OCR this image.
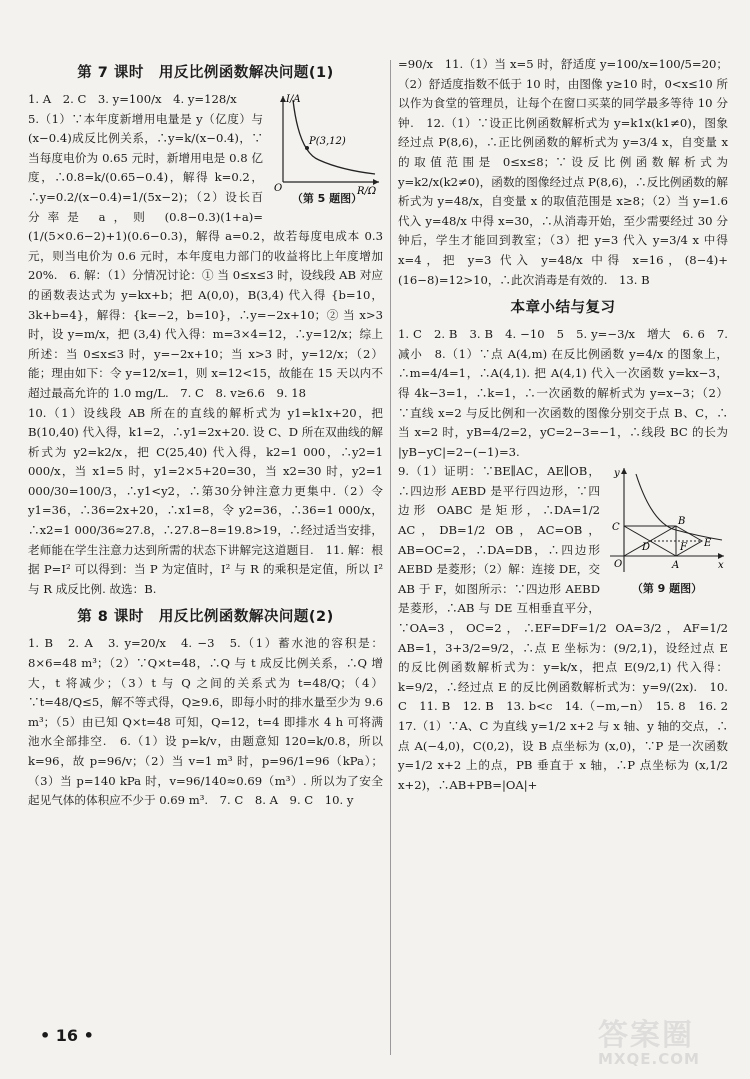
第 7 课时　用反比例函数解决问题(1)
P(3,12)
I/A
R/Ω
O
（第 5 题图）

1. A　2. C　3. y=100/x　4. y=128/x

5.（1）∵本年度新增用电量是 y（亿度）与(x−0.4)成反比例关系，∴y=k/(x−0.4)，∵当每度电价为 0.65 元时，新增用电是 0.8 亿度，∴0.8=k/(0.65−0.4)，解得 k=0.2，∴y=0.2/(x−0.4)=1/(5x−2)；（2）设长百分率是 a，则 (0.8−0.3)(1+a)=(1/(5×0.6−2)+1)(0.6−0.3)，解得 a=0.2，故若每度电成本 0.3 元，则当电价为 0.6 元时，本年度电力部门的收益将比上年度增加 20%.　6. 解：（1）分情况讨论：① 当 0≤x≤3 时，设线段 AB 对应的函数表达式为 y=kx+b；把 A(0,0)，B(3,4) 代入得 {b=10，3k+b=4}，解得：{k=−2，b=10}，∴y=−2x+10；② 当 x>3 时，设 y=m/x，把 (3,4) 代入得：m=3×4=12，∴y=12/x；综上所述：当 0≤x≤3 时，y=−2x+10；当 x>3 时，y=12/x；（2）能；理由如下：令 y=12/x=1，则 x=12<15，故能在 15 天以内不超过最高允许的 1.0 mg/L.　7. C　8. v≥6.6　9. 18

10.（1）设线段 AB 所在的直线的解析式为 y1=k1x+20，把 B(10,40) 代入得，k1=2，∴y1=2x+20. 设 C、D 所在双曲线的解析式为 y2=k2/x，把 C(25,40) 代入得，k2=1 000，∴y2=1 000/x，当 x1=5 时，y1=2×5+20=30，当 x2=30 时，y2=1 000/30=100/3，∴y1<y2，∴第30分钟注意力更集中.（2）令 y1=36，∴36=2x+20，∴x1=8，令 y2=36，∴36=1 000/x，∴x2=1 000/36≈27.8，∴27.8−8=19.8>19，∴经过适当安排，老师能在学生注意力达到所需的状态下讲解完这道题目.　11. 解：根据 P=I² 可以得到：当 P 为定值时，I² 与 R 的乘积是定值，所以 I² 与 R 成反比例. 故选：B.

第 8 课时　用反比例函数解决问题(2)

1. B　2. A　3. y=20/x　4. −3　5.（1）蓄水池的容积是：8×6=48 m³；（2）∵Q×t=48，∴Q 与 t 成反比例关系，∴Q 增大，t 将减少；（3）t 与 Q 之间的关系式为 t=48/Q；（4）∵t=48/Q≤5，解不等式得，Q≥9.6，即每小时的排水量至少为 9.6 m³；（5）由已知 Q×t=48 可知，Q=12，t=4 即排水 4 h 可将满池水全部排空.　6.（1）设 p=k/v，由题意知 120=k/0.8，所以 k=96，故 p=96/v；（2）当 v=1 m³ 时，p=96/1=96（kPa）；（3）当 p=140 kPa 时，v=96/140≈0.69（m³）. 所以为了安全起见气体的体积应不少于 0.69 m³.　7. C　8. A　9. C　10. y

=90/x　11.（1）当 x=5 时，舒适度 y=100/x=100/5=20；（2）舒适度指数不低于 10 时，由图像 y≥10 时，0<x≤10 所以作为食堂的管理员，让每个在窗口买菜的同学最多等待 10 分钟.　12.（1）∵设正比例函数解析式为 y=k1x(k1≠0)，图象经过点 P(8,6)，∴正比例函数的解析式为 y=3/4 x，自变量 x 的取值范围是 0≤x≤8；∵设反比例函数解析式为 y=k2/x(k2≠0)，函数的图像经过点 P(8,6)，∴反比例函数的解析式为 y=48/x，自变量 x 的取值范围是 x≥8；（2）当 y=1.6 代入 y=48/x 中得 x=30，∴从消毒开始，至少需要经过 30 分钟后，学生才能回到教室；（3）把 y=3 代入 y=3/4 x 中得 x=4，把 y=3 代入 y=48/x 中得 x=16，(8−4)+(16−8)=12>10，∴此次消毒是有效的.　13. B

本章小结与复习

1. C　2. B　3. B　4. −10　5　5. y=−3/x　增大　6. 6　7. 减小　8.（1）∵点 A(4,m) 在反比例函数 y=4/x 的图象上，∴m=4/4=1，∴A(4,1). 把 A(4,1) 代入一次函数 y=kx−3，得 4k−3=1，∴k=1，∴一次函数的解析式为 y=x−3；（2）∵直线 x=2 与反比例和一次函数的图像分别交于点 B、C，∴当 x=2 时，yB=4/2=2，yC=2−3=−1，∴线段 BC 的长为 |yB−yC|=2−(−1)=3.

y
x
O	A
B
C
D	E
F
（第 9 题图）

9.（1）证明：∵BE∥AC，AE∥OB，∴四边形 AEBD 是平行四边形，∵四边形 OABC 是矩形，∴DA=1/2 AC，DB=1/2 OB，AC=OB，AB=OC=2，∴DA=DB，∴四边形 AEBD 是菱形；（2）解：连接 DE，交 AB 于 F，如图所示：∵四边形 AEBD 是菱形，∴AB 与 DE 互相垂直平分，∵OA=3，OC=2，∴EF=DF=1/2 OA=3/2，AF=1/2 AB=1，3+3/2=9/2，∴点 E 坐标为：(9/2,1)，设经过点 E 的反比例函数解析式为：y=k/x，把点 E(9/2,1) 代入得：k=9/2，∴经过点 E 的反比例函数解析式为：y=9/(2x).　10. C　11. B　12. B　13. b<c　14.（−m,−n）　15. 8　16. 2　17.（1）∵A、C 为直线 y=1/2 x+2 与 x 轴、y 轴的交点，∴点 A(−4,0)，C(0,2)，设 B 点坐标为 (x,0)，∵P 是一次函数 y=1/2 x+2 上的点，PB 垂直于 x 轴，∴P 点坐标为 (x,1/2 x+2)，∴AB+PB=|OA|+

• 16 •	答案圈
MXQE.COM
